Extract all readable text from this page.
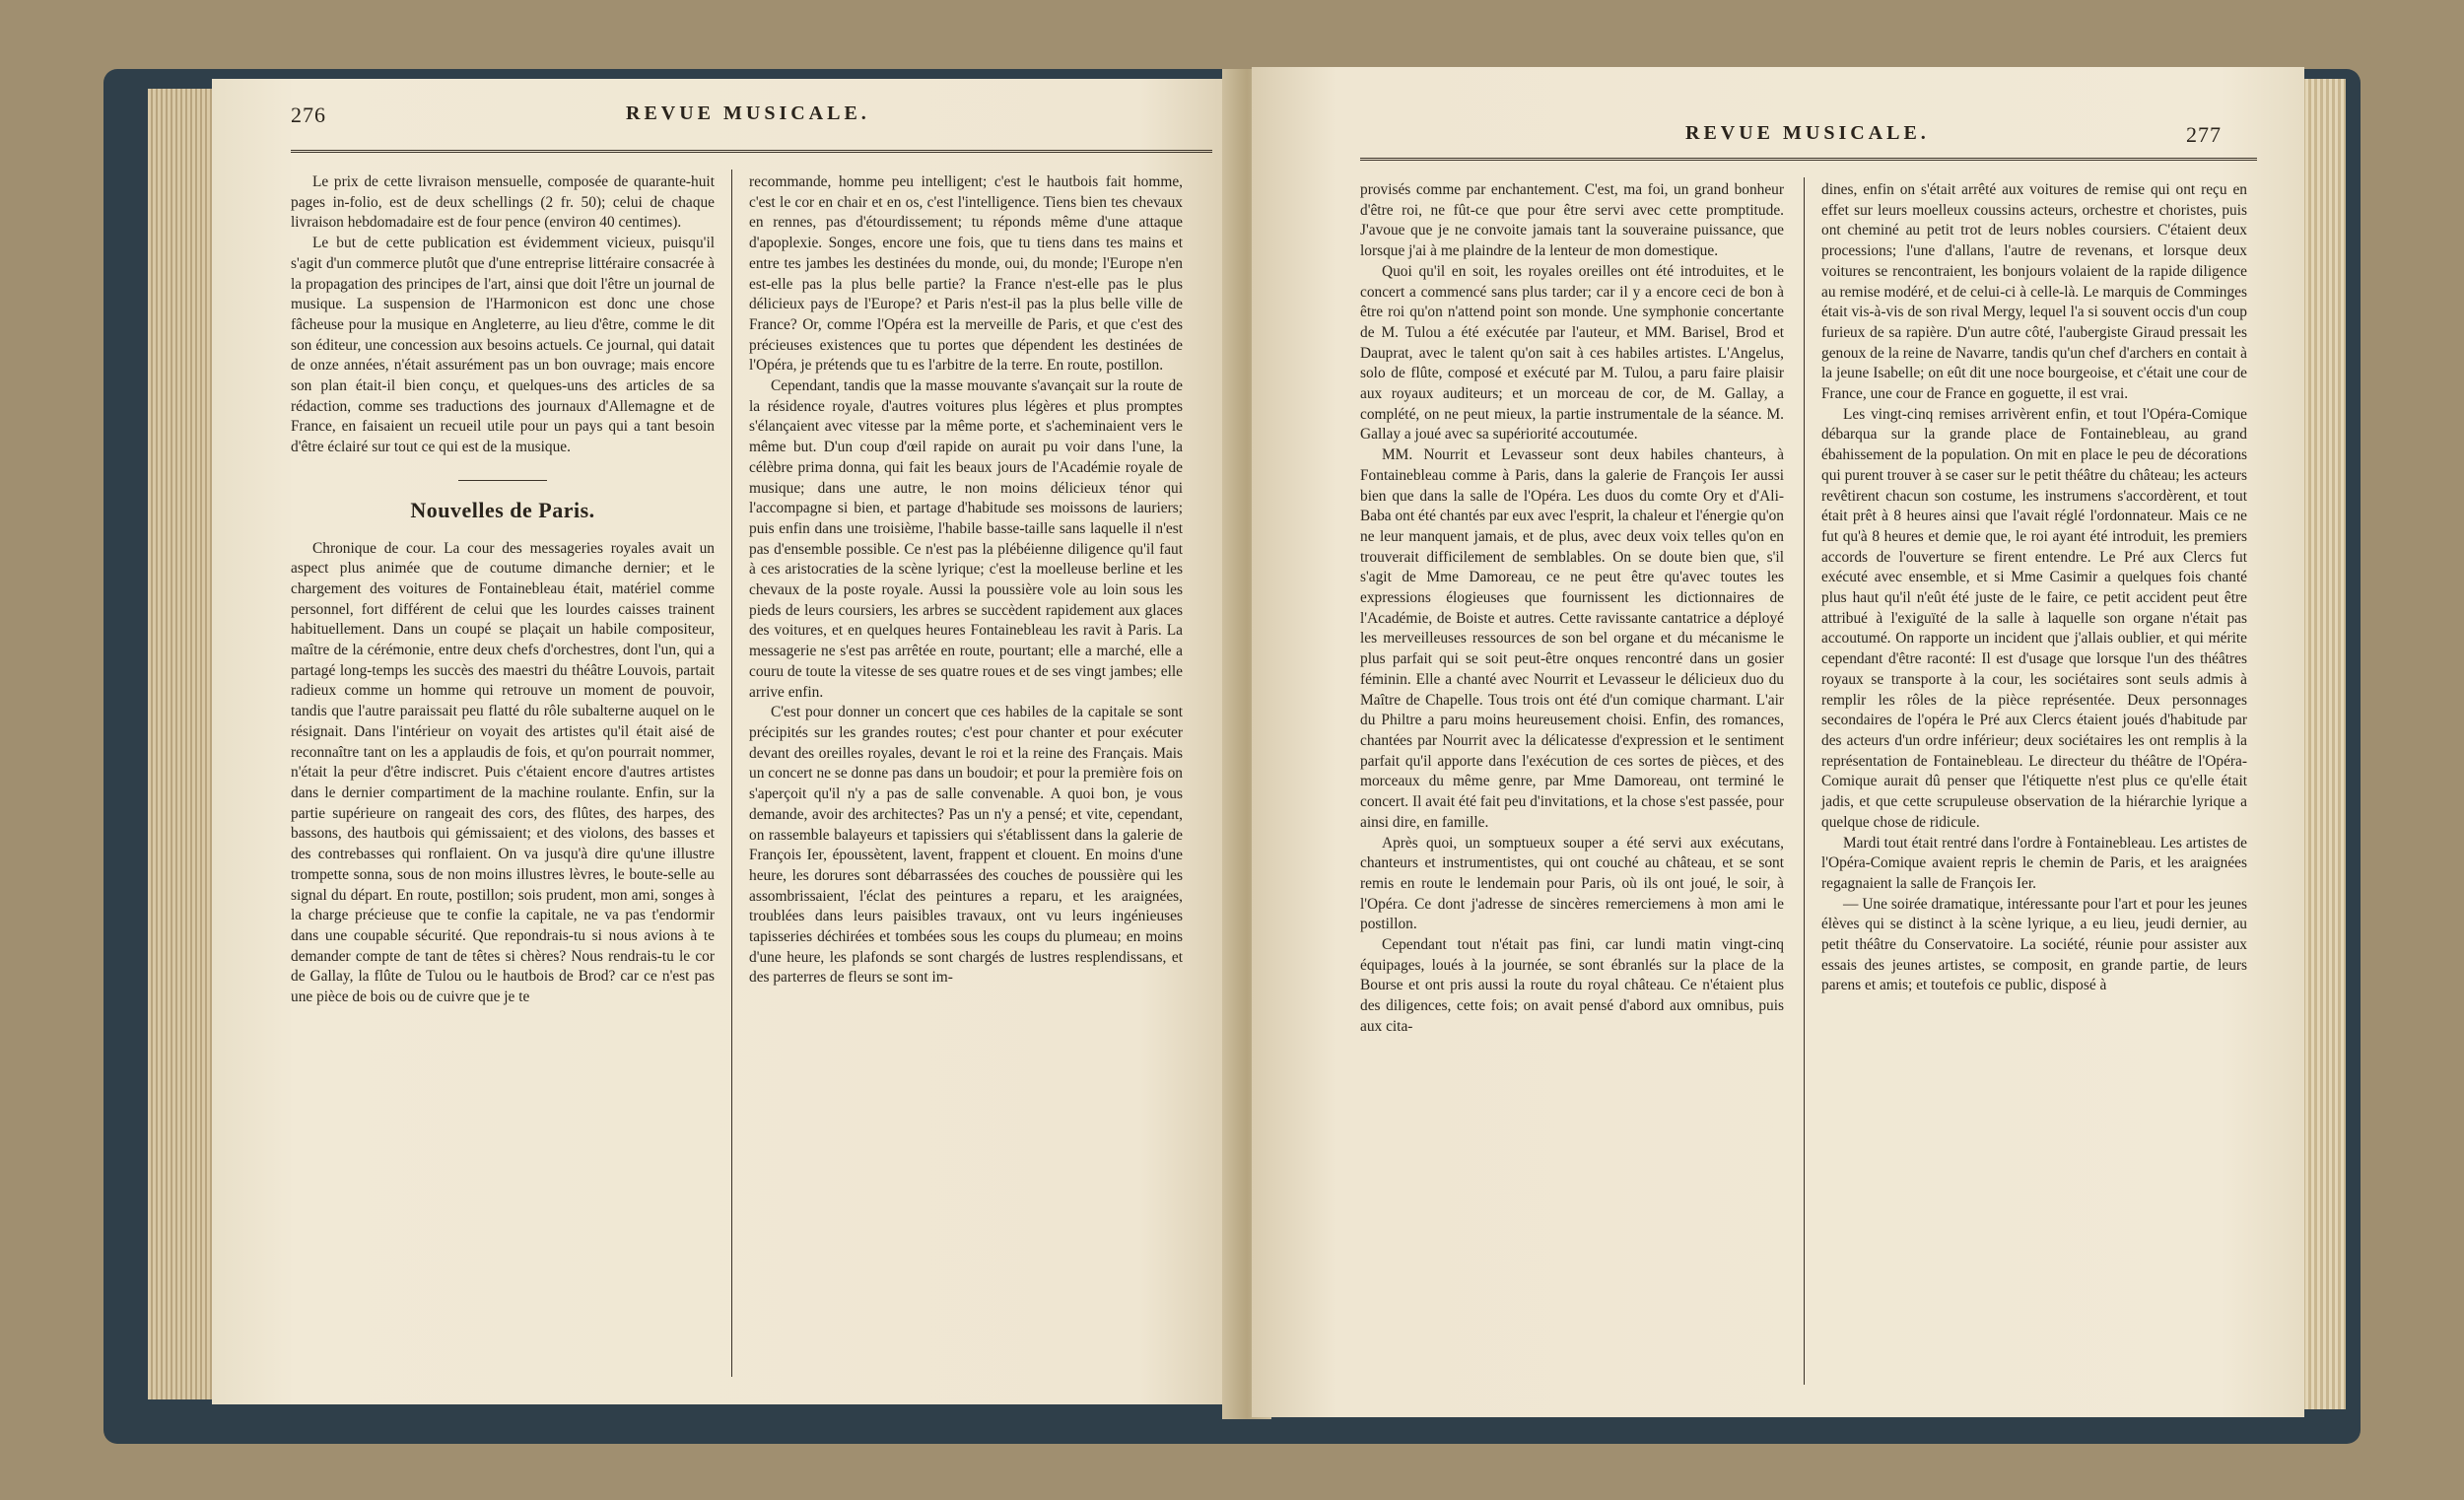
276	REVUE MUSICALE.

Le prix de cette livraison mensuelle, composée de quarante-huit pages in-folio, est de deux schellings (2 fr. 50); celui de chaque livraison hebdomadaire est de four pence (environ 40 centimes).

Le but de cette publication est évidemment vicieux, puisqu'il s'agit d'un commerce plutôt que d'une entreprise littéraire consacrée à la propagation des principes de l'art, ainsi que doit l'être un journal de musique. La suspension de l'Harmonicon est donc une chose fâcheuse pour la musique en Angleterre, au lieu d'être, comme le dit son éditeur, une concession aux besoins actuels. Ce journal, qui datait de onze années, n'était assurément pas un bon ouvrage; mais encore son plan était-il bien conçu, et quelques-uns des articles de sa rédaction, comme ses traductions des journaux d'Allemagne et de France, en faisaient un recueil utile pour un pays qui a tant besoin d'être éclairé sur tout ce qui est de la musique.

Nouvelles de Paris.

Chronique de cour. La cour des messageries royales avait un aspect plus animée que de coutume dimanche dernier; et le chargement des voitures de Fontainebleau était, matériel comme personnel, fort différent de celui que les lourdes caisses trainent habituellement. Dans un coupé se plaçait un habile compositeur, maître de la cérémonie, entre deux chefs d'orchestres, dont l'un, qui a partagé long-temps les succès des maestri du théâtre Louvois, partait radieux comme un homme qui retrouve un moment de pouvoir, tandis que l'autre paraissait peu flatté du rôle subalterne auquel on le résignait. Dans l'intérieur on voyait des artistes qu'il était aisé de reconnaître tant on les a applaudis de fois, et qu'on pourrait nommer, n'était la peur d'être indiscret. Puis c'étaient encore d'autres artistes dans le dernier compartiment de la machine roulante. Enfin, sur la partie supérieure on rangeait des cors, des flûtes, des harpes, des bassons, des hautbois qui gémissaient; et des violons, des basses et des contrebasses qui ronflaient. On va jusqu'à dire qu'une illustre trompette sonna, sous de non moins illustres lèvres, le boute-selle au signal du départ. En route, postillon; sois prudent, mon ami, songes à la charge précieuse que te confie la capitale, ne va pas t'endormir dans une coupable sécurité. Que repondrais-tu si nous avions à te demander compte de tant de têtes si chères? Nous rendrais-tu le cor de Gallay, la flûte de Tulou ou le hautbois de Brod? car ce n'est pas une pièce de bois ou de cuivre que je te

recommande, homme peu intelligent; c'est le hautbois fait homme, c'est le cor en chair et en os, c'est l'intelligence. Tiens bien tes chevaux en rennes, pas d'étourdissement; tu réponds même d'une attaque d'apoplexie. Songes, encore une fois, que tu tiens dans tes mains et entre tes jambes les destinées du monde, oui, du monde; l'Europe n'en est-elle pas la plus belle partie? la France n'est-elle pas le plus délicieux pays de l'Europe? et Paris n'est-il pas la plus belle ville de France? Or, comme l'Opéra est la merveille de Paris, et que c'est des précieuses existences que tu portes que dépendent les destinées de l'Opéra, je prétends que tu es l'arbitre de la terre. En route, postillon.

Cependant, tandis que la masse mouvante s'avançait sur la route de la résidence royale, d'autres voitures plus légères et plus promptes s'élançaient avec vitesse par la même porte, et s'acheminaient vers le même but. D'un coup d'œil rapide on aurait pu voir dans l'une, la célèbre prima donna, qui fait les beaux jours de l'Académie royale de musique; dans une autre, le non moins délicieux ténor qui l'accompagne si bien, et partage d'habitude ses moissons de lauriers; puis enfin dans une troisième, l'habile basse-taille sans laquelle il n'est pas d'ensemble possible. Ce n'est pas la plébéienne diligence qu'il faut à ces aristocraties de la scène lyrique; c'est la moelleuse berline et les chevaux de la poste royale. Aussi la poussière vole au loin sous les pieds de leurs coursiers, les arbres se succèdent rapidement aux glaces des voitures, et en quelques heures Fontainebleau les ravit à Paris. La messagerie ne s'est pas arrêtée en route, pourtant; elle a marché, elle a couru de toute la vitesse de ses quatre roues et de ses vingt jambes; elle arrive enfin.

C'est pour donner un concert que ces habiles de la capitale se sont précipités sur les grandes routes; c'est pour chanter et pour exécuter devant des oreilles royales, devant le roi et la reine des Français. Mais un concert ne se donne pas dans un boudoir; et pour la première fois on s'aperçoit qu'il n'y a pas de salle convenable. A quoi bon, je vous demande, avoir des architectes? Pas un n'y a pensé; et vite, cependant, on rassemble balayeurs et tapissiers qui s'établissent dans la galerie de François Ier, époussètent, lavent, frappent et clouent. En moins d'une heure, les dorures sont débarrassées des couches de poussière qui les assombrissaient, l'éclat des peintures a reparu, et les araignées, troublées dans leurs paisibles travaux, ont vu leurs ingénieuses tapisseries déchirées et tombées sous les coups du plumeau; en moins d'une heure, les plafonds se sont chargés de lustres resplendissans, et des parterres de fleurs se sont im-

REVUE MUSICALE.	277

provisés comme par enchantement. C'est, ma foi, un grand bonheur d'être roi, ne fût-ce que pour être servi avec cette promptitude. J'avoue que je ne convoite jamais tant la souveraine puissance, que lorsque j'ai à me plaindre de la lenteur de mon domestique.

Quoi qu'il en soit, les royales oreilles ont été introduites, et le concert a commencé sans plus tarder; car il y a encore ceci de bon à être roi qu'on n'attend point son monde. Une symphonie concertante de M. Tulou a été exécutée par l'auteur, et MM. Barisel, Brod et Dauprat, avec le talent qu'on sait à ces habiles artistes. L'Angelus, solo de flûte, composé et exécuté par M. Tulou, a paru faire plaisir aux royaux auditeurs; et un morceau de cor, de M. Gallay, a complété, on ne peut mieux, la partie instrumentale de la séance. M. Gallay a joué avec sa supériorité accoutumée.

MM. Nourrit et Levasseur sont deux habiles chanteurs, à Fontainebleau comme à Paris, dans la galerie de François Ier aussi bien que dans la salle de l'Opéra. Les duos du comte Ory et d'Ali-Baba ont été chantés par eux avec l'esprit, la chaleur et l'énergie qu'on ne leur manquent jamais, et de plus, avec deux voix telles qu'on en trouverait difficilement de semblables. On se doute bien que, s'il s'agit de Mme Damoreau, ce ne peut être qu'avec toutes les expressions élogieuses que fournissent les dictionnaires de l'Académie, de Boiste et autres. Cette ravissante cantatrice a déployé les merveilleuses ressources de son bel organe et du mécanisme le plus parfait qui se soit peut-être onques rencontré dans un gosier féminin. Elle a chanté avec Nourrit et Levasseur le délicieux duo du Maître de Chapelle. Tous trois ont été d'un comique charmant. L'air du Philtre a paru moins heureusement choisi. Enfin, des romances, chantées par Nourrit avec la délicatesse d'expression et le sentiment parfait qu'il apporte dans l'exécution de ces sortes de pièces, et des morceaux du même genre, par Mme Damoreau, ont terminé le concert. Il avait été fait peu d'invitations, et la chose s'est passée, pour ainsi dire, en famille.

Après quoi, un somptueux souper a été servi aux exécutans, chanteurs et instrumentistes, qui ont couché au château, et se sont remis en route le lendemain pour Paris, où ils ont joué, le soir, à l'Opéra. Ce dont j'adresse de sincères remerciemens à mon ami le postillon.

Cependant tout n'était pas fini, car lundi matin vingt-cinq équipages, loués à la journée, se sont ébranlés sur la place de la Bourse et ont pris aussi la route du royal château. Ce n'étaient plus des diligences, cette fois; on avait pensé d'abord aux omnibus, puis aux cita-

dines, enfin on s'était arrêté aux voitures de remise qui ont reçu en effet sur leurs moelleux coussins acteurs, orchestre et choristes, puis ont cheminé au petit trot de leurs nobles coursiers. C'étaient deux processions; l'une d'allans, l'autre de revenans, et lorsque deux voitures se rencontraient, les bonjours volaient de la rapide diligence au remise modéré, et de celui-ci à celle-là. Le marquis de Comminges était vis-à-vis de son rival Mergy, lequel l'a si souvent occis d'un coup furieux de sa rapière. D'un autre côté, l'aubergiste Giraud pressait les genoux de la reine de Navarre, tandis qu'un chef d'archers en contait à la jeune Isabelle; on eût dit une noce bourgeoise, et c'était une cour de France, une cour de France en goguette, il est vrai.

Les vingt-cinq remises arrivèrent enfin, et tout l'Opéra-Comique débarqua sur la grande place de Fontainebleau, au grand ébahissement de la population. On mit en place le peu de décorations qui purent trouver à se caser sur le petit théâtre du château; les acteurs revêtirent chacun son costume, les instrumens s'accordèrent, et tout était prêt à 8 heures ainsi que l'avait réglé l'ordonnateur. Mais ce ne fut qu'à 8 heures et demie que, le roi ayant été introduit, les premiers accords de l'ouverture se firent entendre. Le Pré aux Clercs fut exécuté avec ensemble, et si Mme Casimir a quelques fois chanté plus haut qu'il n'eût été juste de le faire, ce petit accident peut être attribué à l'exiguïté de la salle à laquelle son organe n'était pas accoutumé. On rapporte un incident que j'allais oublier, et qui mérite cependant d'être raconté: Il est d'usage que lorsque l'un des théâtres royaux se transporte à la cour, les sociétaires sont seuls admis à remplir les rôles de la pièce représentée. Deux personnages secondaires de l'opéra le Pré aux Clercs étaient joués d'habitude par des acteurs d'un ordre inférieur; deux sociétaires les ont remplis à la représentation de Fontainebleau. Le directeur du théâtre de l'Opéra-Comique aurait dû penser que l'étiquette n'est plus ce qu'elle était jadis, et que cette scrupuleuse observation de la hiérarchie lyrique a quelque chose de ridicule.

Mardi tout était rentré dans l'ordre à Fontainebleau. Les artistes de l'Opéra-Comique avaient repris le chemin de Paris, et les araignées regagnaient la salle de François Ier.

— Une soirée dramatique, intéressante pour l'art et pour les jeunes élèves qui se distinct à la scène lyrique, a eu lieu, jeudi dernier, au petit théâtre du Conservatoire. La société, réunie pour assister aux essais des jeunes artistes, se composit, en grande partie, de leurs parens et amis; et toutefois ce public, disposé à
